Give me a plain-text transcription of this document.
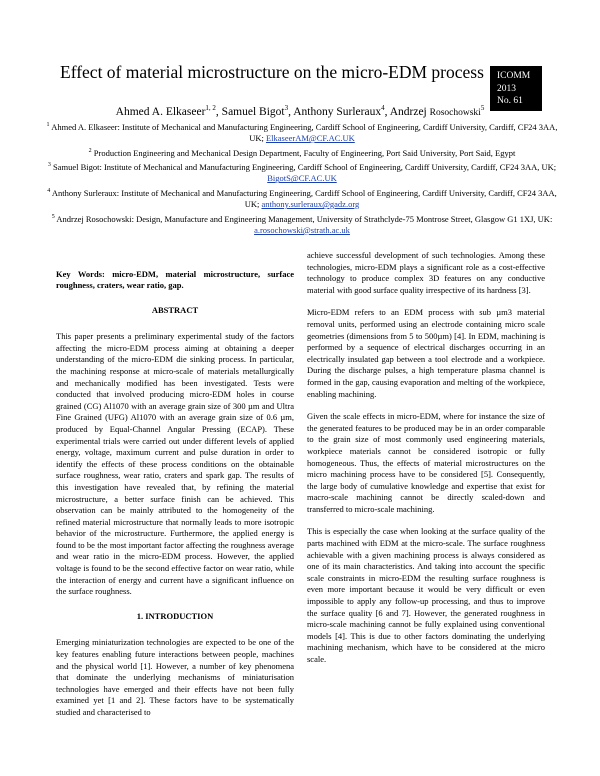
Effect of material microstructure on the micro-EDM process ICOMM
2013
No. 61
Ahmed A. Elkaseer$^{1, 2}$, Samuel Bigot$^3$, Anthony Surleraux$^4$, Andrzej Rosochowski$^5$
$^1$ Ahmed A. Elkaseer: Institute of Mechanical and Manufacturing Engineering, Cardiff School of Engineering, Cardiff University, Cardiff, CF24 3AA, UK; ElkaseerAM@CF.AC.UK
$^2$ Production Engineering and Mechanical Design Department, Faculty of Engineering, Port Said University, Port Said, Egypt
$^3$ Samuel Bigot: Institute of Mechanical and Manufacturing Engineering, Cardiff School of Engineering, Cardiff University, Cardiff, CF24 3AA, UK; BigotS@CF.AC.UK
$^4$ Anthony Surleraux: Institute of Mechanical and Manufacturing Engineering, Cardiff School of Engineering, Cardiff University, Cardiff, CF24 3AA, UK; anthony.surleraux@gadz.org
$^5$ Andrzej Rosochowski: Design, Manufacture and Engineering Management, University of Strathclyde-75 Montrose Street, Glasgow G1 1XJ, UK: a.rosochowski@strath.ac.uk

Key Words: micro-EDM, material microstructure, surface roughness, craters, wear ratio, gap.

ABSTRACT

This paper presents a preliminary experimental study of the factors affecting the micro-EDM process aiming at obtaining a deeper understanding of the micro-EDM die sinking process. In particular, the machining response at micro-scale of materials metallurgically and mechanically modified has been investigated. Tests were conducted that involved producing micro-EDM holes in course grained (CG) Al1070 with an average grain size of 300 µm and Ultra Fine Grained (UFG) Al1070 with an average grain size of 0.6 µm, produced by Equal-Channel Angular Pressing (ECAP). These experimental trials were carried out under different levels of applied energy, voltage, maximum current and pulse duration in order to identify the effects of these process conditions on the obtainable surface roughness, wear ratio, craters and spark gap. The results of this investigation have revealed that, by refining the material microstructure, a better surface finish can be achieved. This observation can be mainly attributed to the homogeneity of the refined material microstructure that normally leads to more isotropic behavior of the microstructure. Furthermore, the applied energy is found to be the most important factor affecting the roughness average and wear ratio in the micro-EDM process. However, the applied voltage is found to be the second effective factor on wear ratio, while the interaction of energy and current have a significant influence on the surface roughness.

1. INTRODUCTION

Emerging miniaturization technologies are expected to be one of the key features enabling future interactions between people, machines and the physical world [1]. However, a number of key phenomena that dominate the underlying mechanisms of miniaturisation technologies have emerged and their effects have not been fully examined yet [1 and 2]. These factors have to be systematically studied and characterised to

achieve successful development of such technologies. Among these technologies, micro-EDM plays a significant role as a cost-effective technology to produce complex 3D features on any conductive material with good surface quality irrespective of its hardness [3].

Micro-EDM refers to an EDM process with sub µm3 material removal units, performed using an electrode containing micro scale geometries (dimensions from 5 to 500µm) [4]. In EDM, machining is performed by a sequence of electrical discharges occurring in an electrically insulated gap between a tool electrode and a workpiece. During the discharge pulses, a high temperature plasma channel is formed in the gap, causing evaporation and melting of the workpiece, enabling machining.

Given the scale effects in micro-EDM, where for instance the size of the generated features to be produced may be in an order comparable to the grain size of most commonly used engineering materials, workpiece materials cannot be considered isotropic or fully homogeneous. Thus, the effects of material microstructures on the micro machining process have to be considered [5]. Consequently, the large body of cumulative knowledge and expertise that exist for macro-scale machining cannot be directly scaled-down and transferred to micro-scale machining.

This is especially the case when looking at the surface quality of the parts machined with EDM at the micro-scale. The surface roughness achievable with a given machining process is always considered as one of its main characteristics. And taking into account the specific scale constraints in micro-EDM the resulting surface roughness is even more important because it would be very difficult or even impossible to apply any follow-up processing, and thus to improve the surface quality [6 and 7]. However, the generated roughness in micro-scale machining cannot be fully explained using conventional models [4]. This is due to other factors dominating the underlying machining mechanism, which have to be considered at the micro scale.
